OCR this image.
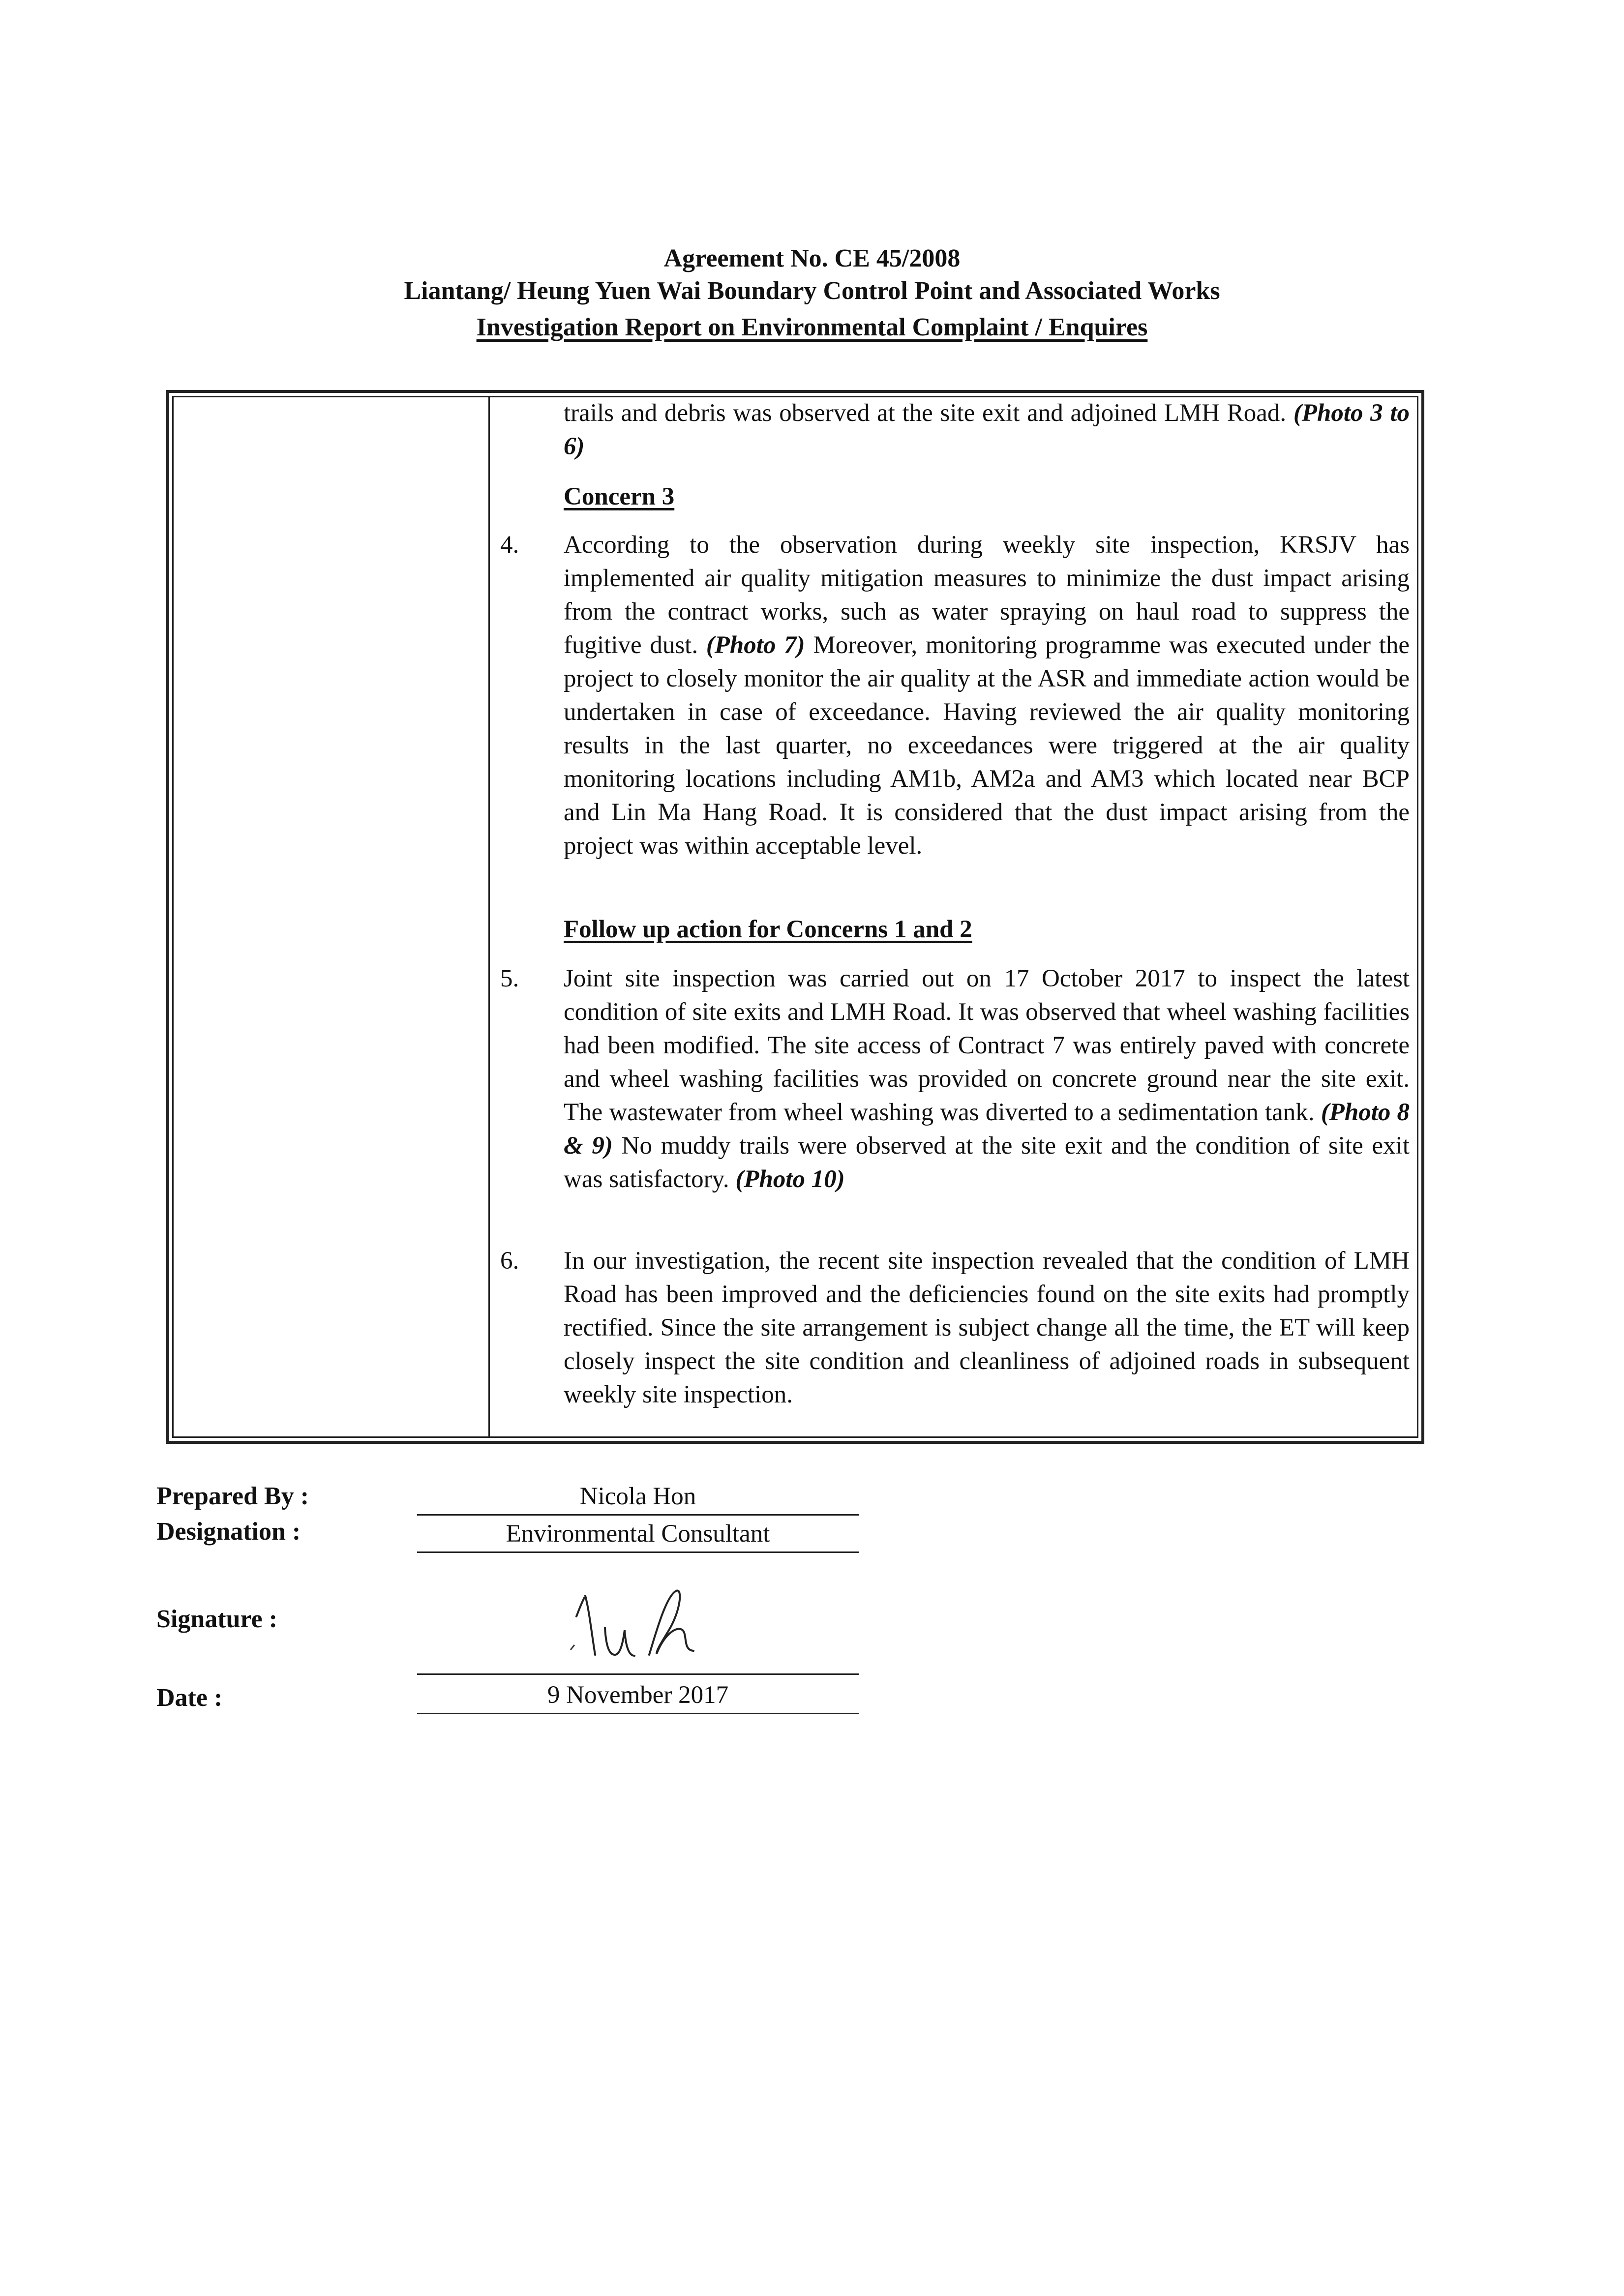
Agreement No. CE 45/2008
Liantang/ Heung Yuen Wai Boundary Control Point and Associated Works
Investigation Report on Environmental Complaint / Enquires
trails and debris was observed at the site exit and adjoined LMH Road. (Photo 3 to 6)
Concern 3
4. According to the observation during weekly site inspection, KRSJV has implemented air quality mitigation measures to minimize the dust impact arising from the contract works, such as water spraying on haul road to suppress the fugitive dust. (Photo 7) Moreover, monitoring programme was executed under the project to closely monitor the air quality at the ASR and immediate action would be undertaken in case of exceedance. Having reviewed the air quality monitoring results in the last quarter, no exceedances were triggered at the air quality monitoring locations including AM1b, AM2a and AM3 which located near BCP and Lin Ma Hang Road. It is considered that the dust impact arising from the project was within acceptable level.
Follow up action for Concerns 1 and 2
5. Joint site inspection was carried out on 17 October 2017 to inspect the latest condition of site exits and LMH Road. It was observed that wheel washing facilities had been modified. The site access of Contract 7 was entirely paved with concrete and wheel washing facilities was provided on concrete ground near the site exit. The wastewater from wheel washing was diverted to a sedimentation tank. (Photo 8 & 9) No muddy trails were observed at the site exit and the condition of site exit was satisfactory. (Photo 10)
6. In our investigation, the recent site inspection revealed that the condition of LMH Road has been improved and the deficiencies found on the site exits had promptly rectified. Since the site arrangement is subject change all the time, the ET will keep closely inspect the site condition and cleanliness of adjoined roads in subsequent weekly site inspection.
Prepared By :	Nicola Hon
Designation :	Environmental Consultant
Signature :
Date :	9 November 2017
